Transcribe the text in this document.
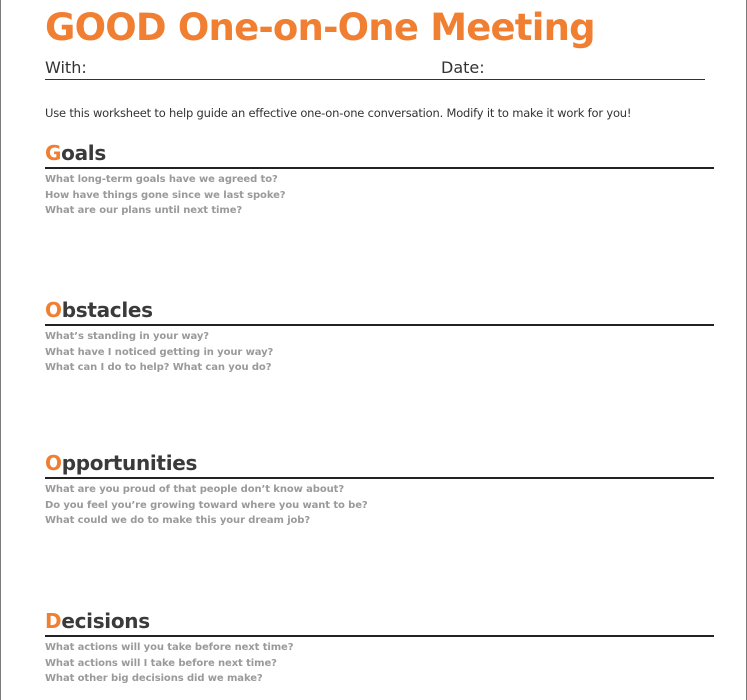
GOOD One-on-One Meeting
With:	Date:

Use this worksheet to help guide an effective one-on-one conversation. Modify it to make it work for you!

Goals
What long-term goals have we agreed to?
How have things gone since we last spoke?
What are our plans until next time?
Obstacles
What’s standing in your way?
What have I noticed getting in your way?
What can I do to help? What can you do?
Opportunities
What are you proud of that people don’t know about?
Do you feel you’re growing toward where you want to be?
What could we do to make this your dream job?
Decisions
What actions will you take before next time?
What actions will I take before next time?
What other big decisions did we make?
